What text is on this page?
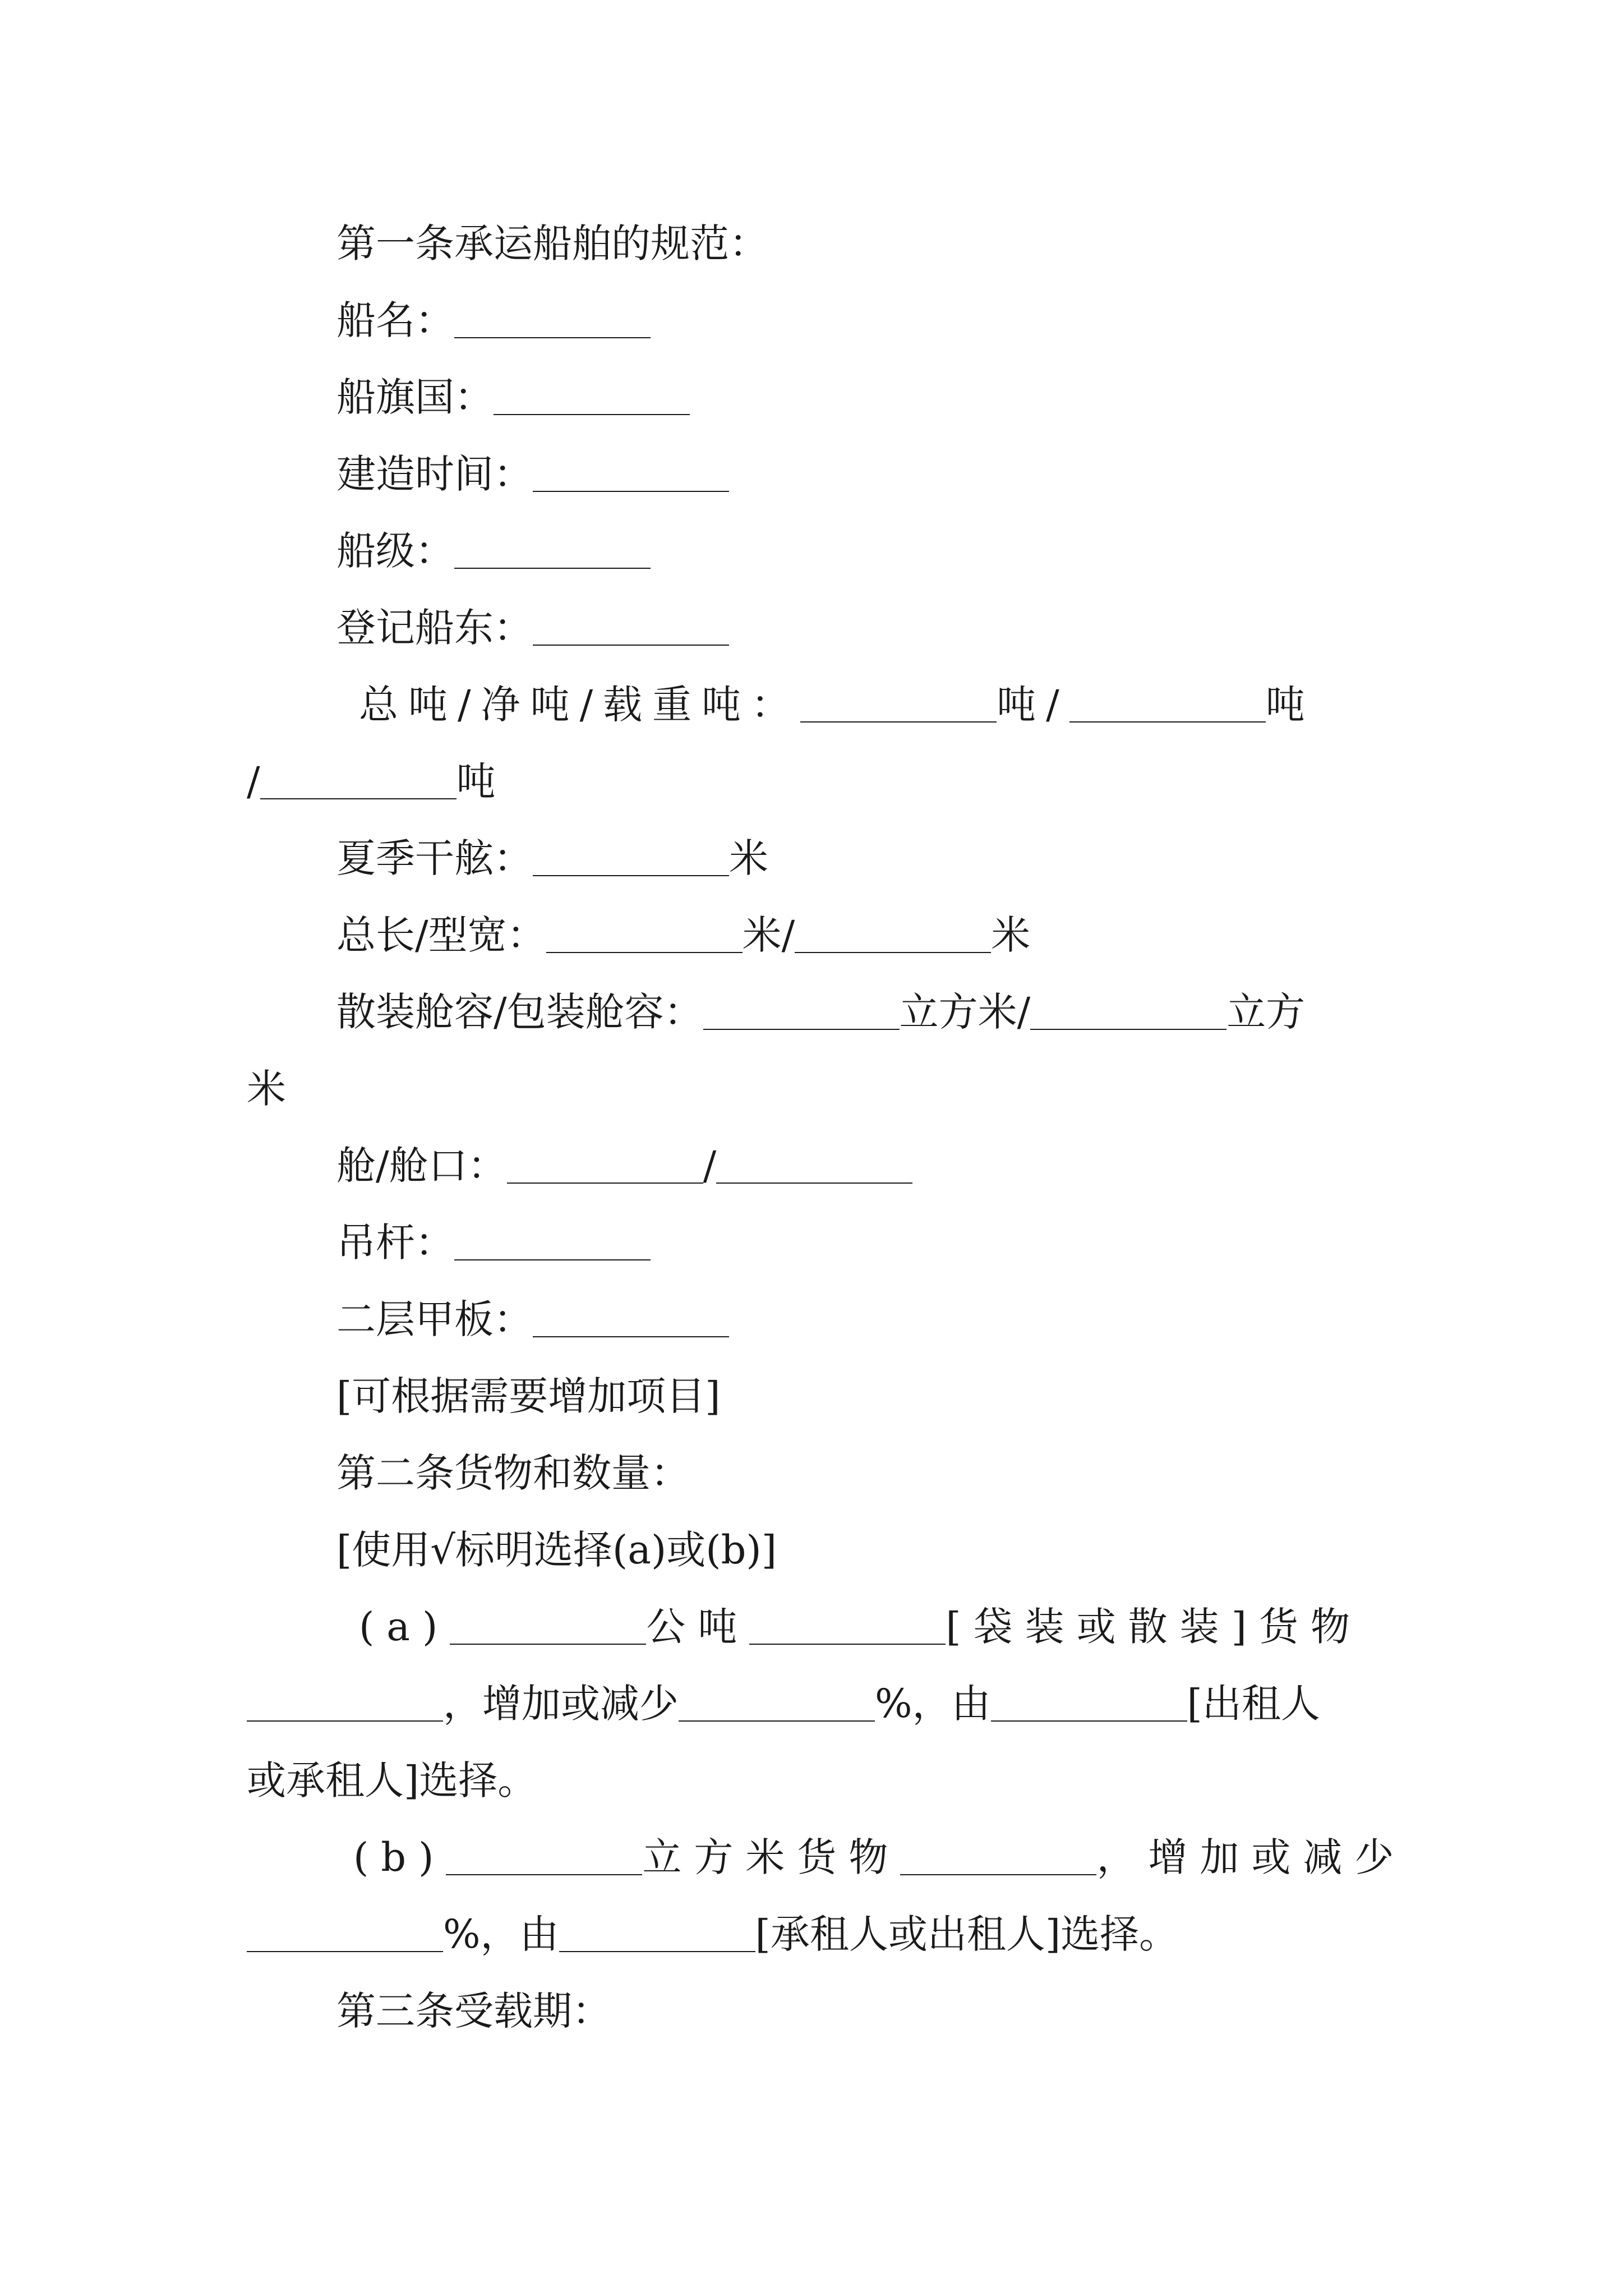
第一条承运船舶的规范：
船名：
船旗国：
建造时间：
船级：
登记船东：
总吨/净吨/载重吨：	吨/	吨
/	吨
夏季干舷：	米
总长/型宽：	米/	米
散装舱容/包装舱容：	立方米/	立方
米
舱/舱口：	/
吊杆：
二层甲板：
[可根据需要增加项目]
第二条货物和数量：
[使用√标明选择(a)或(b)]
(a)	公吨	[袋装或散装]货物
，增加或减少	%，由	[出租人
或承租人]选择。
(b)	立方米货物	，增加或减少
%，由	[承租人或出租人]选择。
第三条受载期：
